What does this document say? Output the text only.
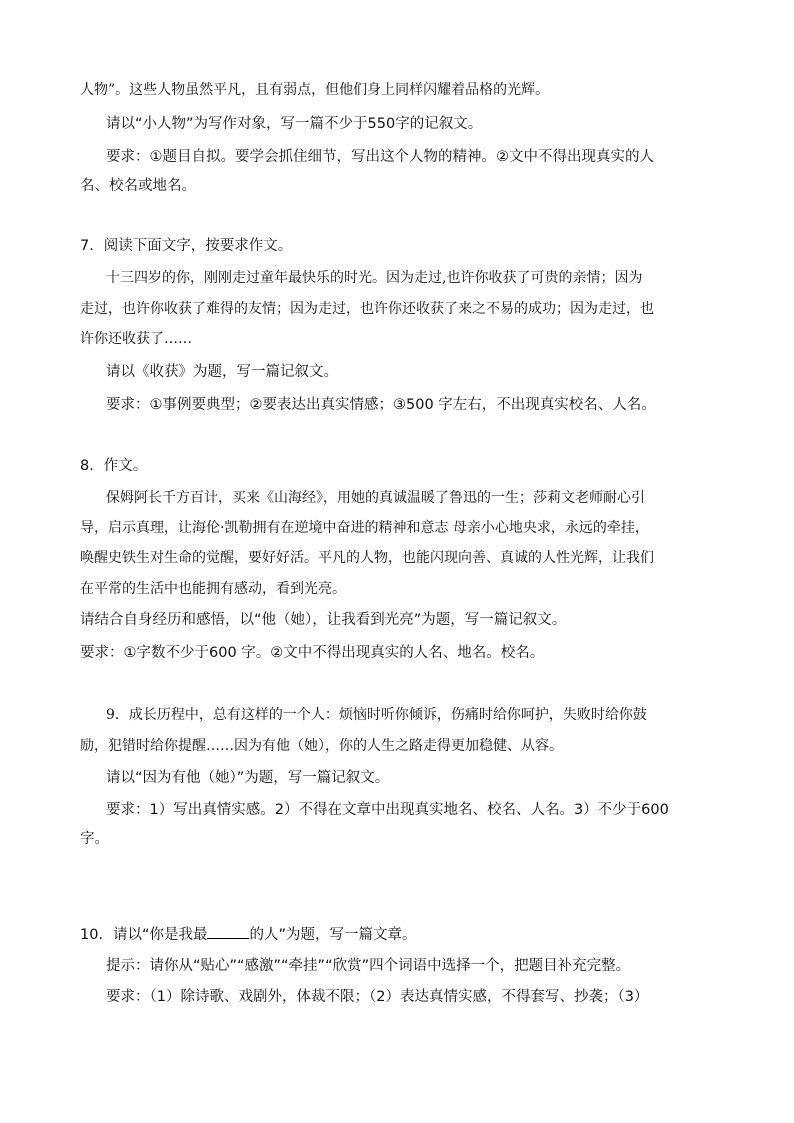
人物”。这些人物虽然平凡，且有弱点，但他们身上同样闪耀着品格的光辉。
请以“小人物”为写作对象，写一篇不少于550字的记叙文。
要求：①题目自拟。要学会抓住细节，写出这个人物的精神。②文中不得出现真实的人
名、校名或地名。
7．阅读下面文字，按要求作文。
十三四岁的你，刚刚走过童年最快乐的时光。因为走过,也许你收获了可贵的亲情；因为
走过，也许你收获了难得的友情；因为走过，也许你还收获了来之不易的成功；因为走过，也
许你还收获了……
请以《收获》为题，写一篇记叙文。
要求：①事例要典型；②要表达出真实情感；③500 字左右，不出现真实校名、人名。
8．作文。
保姆阿长千方百计，买来《山海经》，用她的真诚温暖了鲁迅的一生；莎莉文老师耐心引
导，启示真理，让海伦·凯勒拥有在逆境中奋进的精神和意志 母亲小心地央求，永远的牵挂，
唤醒史铁生对生命的觉醒，要好好活。平凡的人物，也能闪现向善、真诚的人性光辉，让我们
在平常的生活中也能拥有感动，看到光亮。
请结合自身经历和感悟，以“他（她），让我看到光亮”为题，写一篇记叙文。
要求：①字数不少于600 字。②文中不得出现真实的人名、地名。校名。
9．成长历程中，总有这样的一个人：烦恼时听你倾诉，伤痛时给你呵护，失败时给你鼓
励，犯错时给你提醒……因为有他（她），你的人生之路走得更加稳健、从容。
请以“因为有他（她）”为题，写一篇记叙文。
要求：1）写出真情实感。2）不得在文章中出现真实地名、校名、人名。3）不少于600
字。
10．请以“你是我最	的人”为题，写一篇文章。
提示：请你从“贴心”“感激”“牵挂”“欣赏”四个词语中选择一个，把题目补充完整。
要求：（1）除诗歌、戏剧外，体裁不限；（2）表达真情实感，不得套写、抄袭；（3）
